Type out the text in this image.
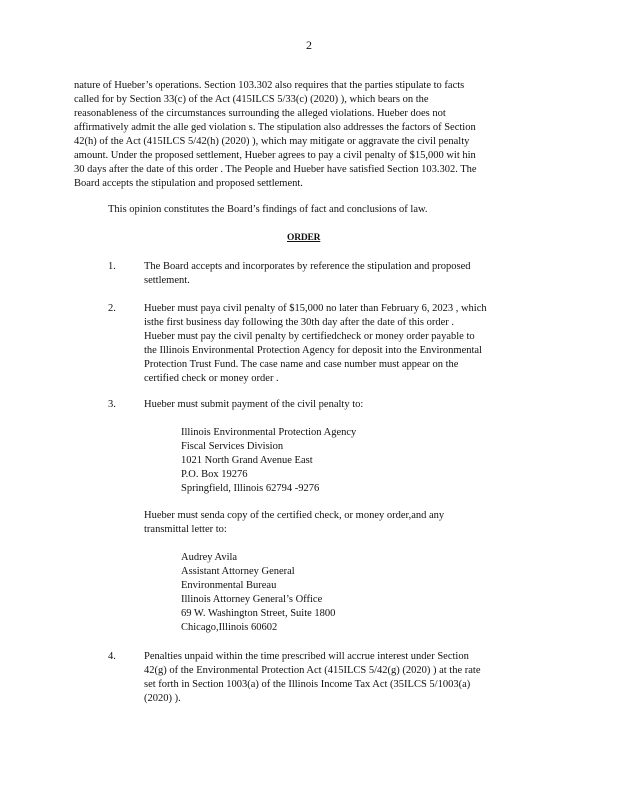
2
nature of Hueber’s operations. Section 103.302 also requires that the parties stipulate to facts
called for by Section 33(c) of the Act (415ILCS 5/33(c) (2020) ), which bears on the
reasonableness of the circumstances surrounding the alleged violations. Hueber does not
affirmatively admit the alle ged violation s. The stipulation also addresses the factors of Section
42(h) of the Act (415ILCS 5/42(h) (2020) ), which may mitigate or aggravate the civil penalty
amount. Under the proposed settlement, Hueber agrees to pay a civil penalty of $15,000 wit hin
30 days after the date of this order . The People and Hueber have satisfied Section 103.302. The
Board accepts the stipulation and proposed settlement.
This opinion constitutes the Board’s findings of fact and conclusions of law.
ORDER
1.	The Board accepts and incorporates by reference the stipulation and proposed
settlement.
2.	Hueber must paya civil penalty of $15,000 no later than February 6, 2023 , which
isthe first business day following the 30th day after the date of this order .
Hueber must pay the civil penalty by certifiedcheck or money order payable to
the Illinois Environmental Protection Agency for deposit into the Environmental
Protection Trust Fund. The case name and case number must appear on the
certified check or money order .
3.	Hueber must submit payment of the civil penalty to:
Illinois Environmental Protection Agency
Fiscal Services Division
1021 North Grand Avenue East
P.O. Box 19276
Springfield, Illinois 62794 -9276
Hueber must senda copy of the certified check, or money order,and any
transmittal letter to:
Audrey Avila
Assistant Attorney General
Environmental Bureau
Illinois Attorney General’s Office
69 W. Washington Street, Suite 1800
Chicago,Illinois 60602
4.	Penalties unpaid within the time prescribed will accrue interest under Section
42(g) of the Environmental Protection Act (415ILCS 5/42(g) (2020) ) at the rate
set forth in Section 1003(a) of the Illinois Income Tax Act (35ILCS 5/1003(a)
(2020) ).
